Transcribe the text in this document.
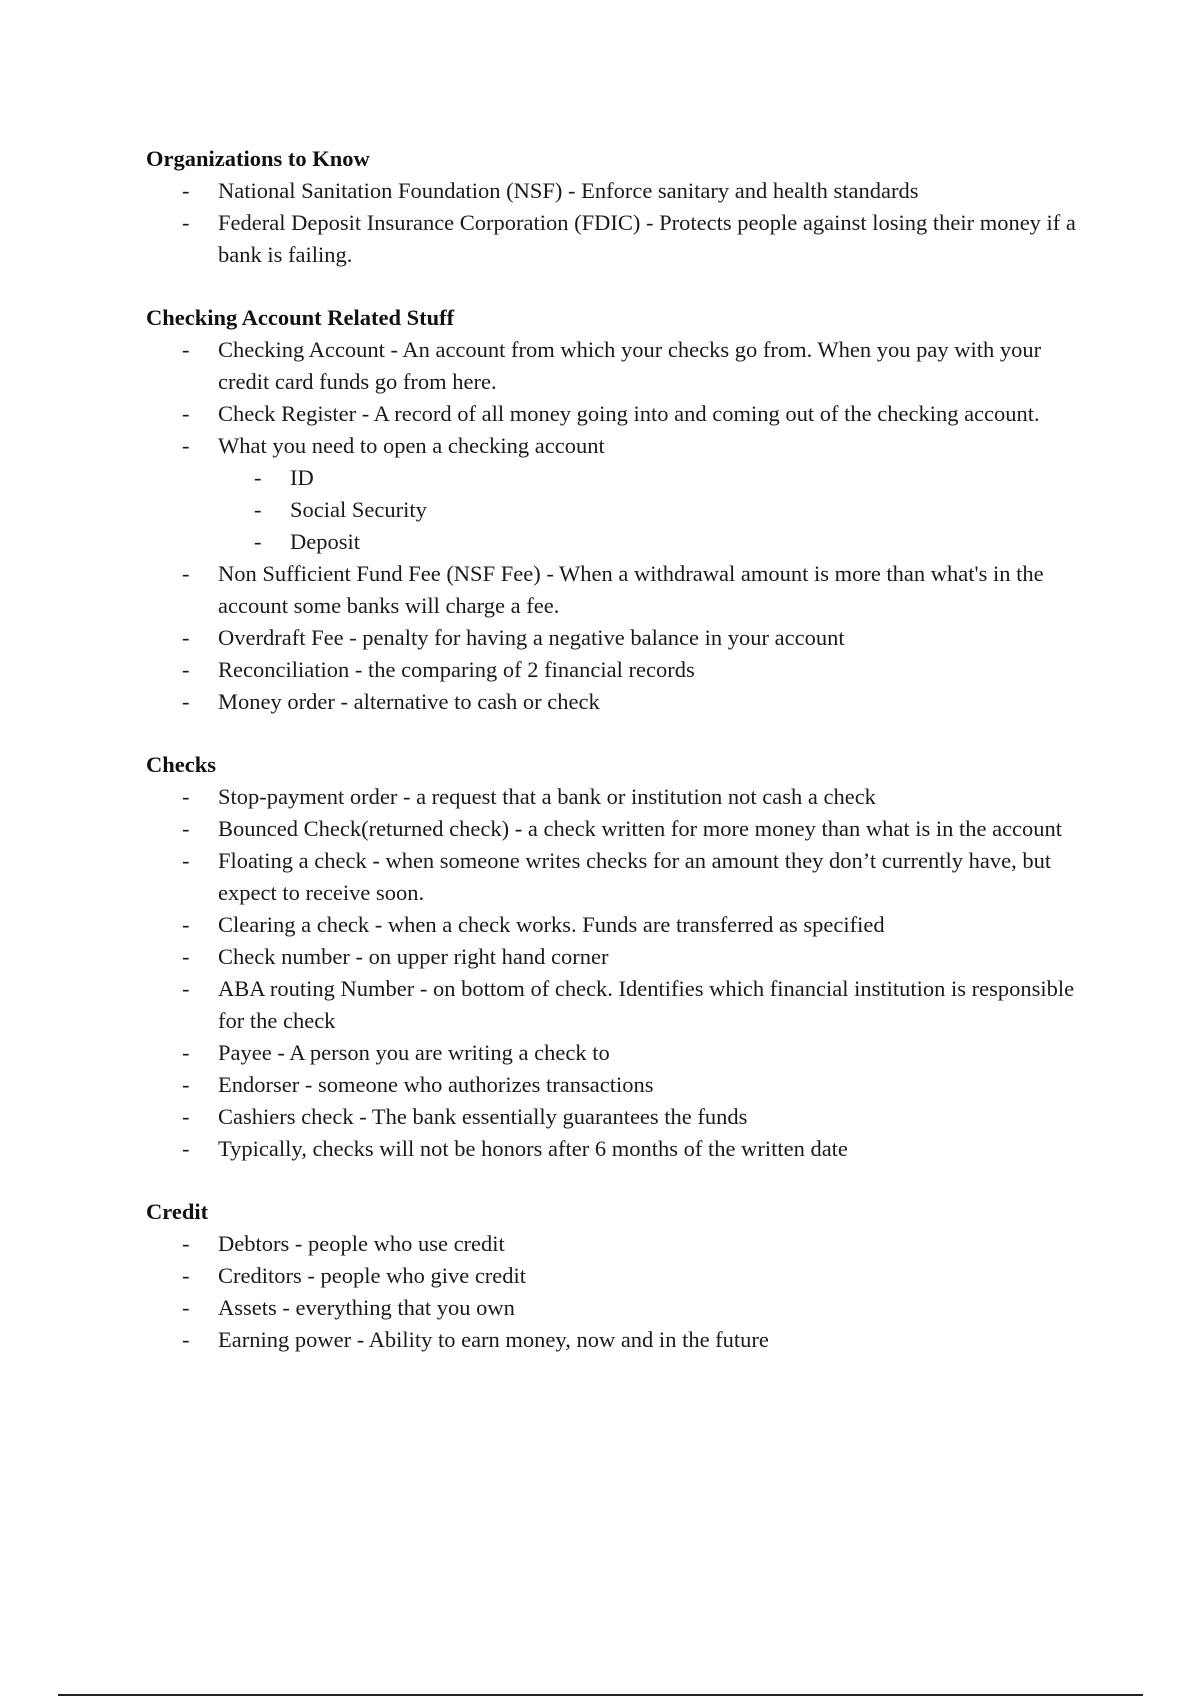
Organizations to Know
- National Sanitation Foundation (NSF) - Enforce sanitary and health standards
- Federal Deposit Insurance Corporation (FDIC) - Protects people against losing their money if a bank is failing.
Checking Account Related Stuff
- Checking Account - An account from which your checks go from. When you pay with your credit card funds go from here.
- Check Register - A record of all money going into and coming out of the checking account.
- What you need to open a checking account
- ID
- Social Security
- Deposit
- Non Sufficient Fund Fee (NSF Fee) - When a withdrawal amount is more than what's in the account some banks will charge a fee.
- Overdraft Fee - penalty for having a negative balance in your account
- Reconciliation - the comparing of 2 financial records
- Money order - alternative to cash or check
Checks
- Stop-payment order - a request that a bank or institution not cash a check
- Bounced Check(returned check) - a check written for more money than what is in the account
- Floating a check - when someone writes checks for an amount they don’t currently have, but expect to receive soon.
- Clearing a check - when a check works. Funds are transferred as specified
- Check number - on upper right hand corner
- ABA routing Number - on bottom of check. Identifies which financial institution is responsible for the check
- Payee - A person you are writing a check to
- Endorser - someone who authorizes transactions
- Cashiers check - The bank essentially guarantees the funds
- Typically, checks will not be honors after 6 months of the written date
Credit
- Debtors - people who use credit
- Creditors - people who give credit
- Assets - everything that you own
- Earning power - Ability to earn money, now and in the future
